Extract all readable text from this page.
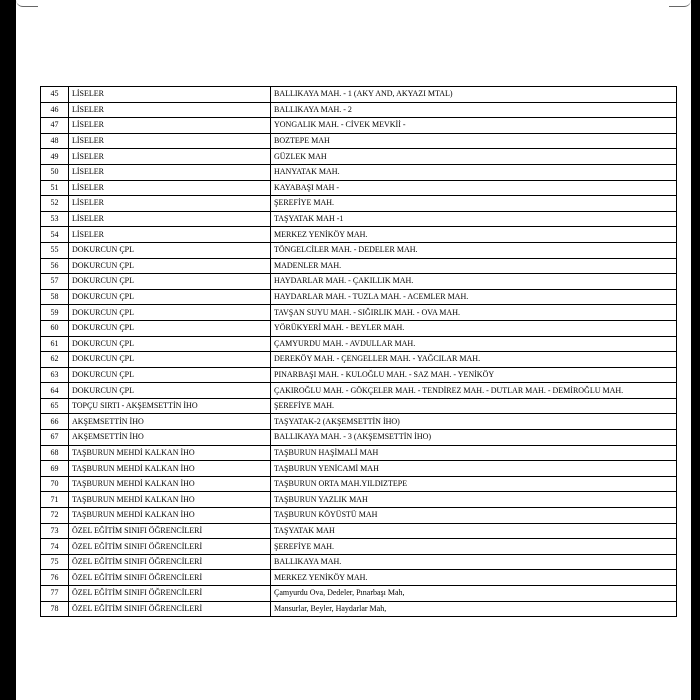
45	LİSELER	BALLIKAYA MAH. - 1 (AKY AND, AKYAZI MTAL)
46	LİSELER	BALLIKAYA MAH. - 2
47	LİSELER	YONGALIK MAH. - CİVEK MEVKİİ -
48	LİSELER	BOZTEPE MAH
49	LİSELER	GÜZLEK MAH
50	LİSELER	HANYATAK MAH.
51	LİSELER	KAYABAŞI MAH -
52	LİSELER	ŞEREFİYE MAH.
53	LİSELER	TAŞYATAK MAH -1
54	LİSELER	MERKEZ YENİKÖY MAH.
55	DOKURCUN ÇPL	TÖNGELCİLER MAH. - DEDELER MAH.
56	DOKURCUN ÇPL	MADENLER MAH.
57	DOKURCUN ÇPL	HAYDARLAR MAH. - ÇAKILLIK MAH.
58	DOKURCUN ÇPL	HAYDARLAR MAH. - TUZLA MAH. - ACEMLER MAH.
59	DOKURCUN ÇPL	TAVŞAN SUYU MAH. - SIĞIRLIK MAH. - OVA MAH.
60	DOKURCUN ÇPL	YÖRÜKYERİ MAH. - BEYLER MAH.
61	DOKURCUN ÇPL	ÇAMYURDU MAH. - AVDULLAR MAH.
62	DOKURCUN ÇPL	DEREKÖY MAH. - ÇENGELLER MAH. - YAĞCILAR MAH.
63	DOKURCUN ÇPL	PINARBAŞI MAH. - KULOĞLU MAH. - SAZ MAH. - YENİKÖY
64	DOKURCUN ÇPL	ÇAKIROĞLU MAH. - GÖKÇELER MAH. - TENDİREZ MAH. - DUTLAR MAH. - DEMİROĞLU MAH.
65	TOPÇU SIRTI - AKŞEMSETTİN İHO	ŞEREFİYE MAH.
66	AKŞEMSETTİN İHO	TAŞYATAK-2 (AKŞEMSETTİN İHO)
67	AKŞEMSETTİN İHO	BALLIKAYA MAH. - 3 (AKŞEMSETTİN İHO)
68	TAŞBURUN MEHDİ KALKAN İHO	TAŞBURUN HAŞİMALİ MAH
69	TAŞBURUN MEHDİ KALKAN İHO	TAŞBURUN YENİCAMİ MAH
70	TAŞBURUN MEHDİ KALKAN İHO	TAŞBURUN ORTA MAH.YILDIZTEPE
71	TAŞBURUN MEHDİ KALKAN İHO	TAŞBURUN YAZLIK MAH
72	TAŞBURUN MEHDİ KALKAN İHO	TAŞBURUN KÖYÜSTÜ MAH
73	ÖZEL EĞİTİM SINIFI ÖĞRENCİLERİ	TAŞYATAK MAH
74	ÖZEL EĞİTİM SINIFI ÖĞRENCİLERİ	ŞEREFİYE MAH.
75	ÖZEL EĞİTİM SINIFI ÖĞRENCİLERİ	BALLIKAYA MAH.
76	ÖZEL EĞİTİM SINIFI ÖĞRENCİLERİ	MERKEZ YENİKÖY MAH.
77	ÖZEL EĞİTİM SINIFI ÖĞRENCİLERİ	Çamyurdu Ova, Dedeler, Pınarbaşı Mah,
78	ÖZEL EĞİTİM SINIFI ÖĞRENCİLERİ	Mansurlar, Beyler, Haydarlar Mah,
